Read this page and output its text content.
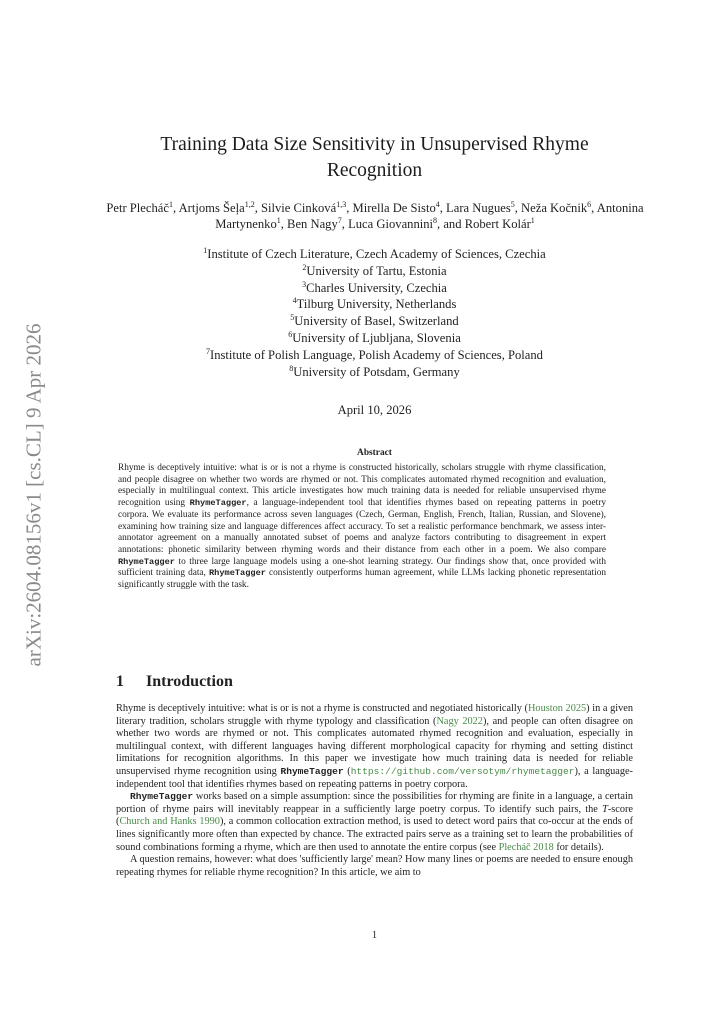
arXiv:2604.08156v1 [cs.CL] 9 Apr 2026
Training Data Size Sensitivity in Unsupervised Rhyme Recognition
Petr Plecháč$^1$, Artjoms Šeļa$^{1,2}$, Silvie Cinková$^{1,3}$, Mirella De Sisto$^4$, Lara Nugues$^5$, Neža Kočnik$^6$, Antonina Martynenko$^1$, Ben Nagy$^7$, Luca Giovannini$^8$, and Robert Kolár$^1$
$^1$Institute of Czech Literature, Czech Academy of Sciences, Czechia
$^2$University of Tartu, Estonia
$^3$Charles University, Czechia
$^4$Tilburg University, Netherlands
$^5$University of Basel, Switzerland
$^6$University of Ljubljana, Slovenia
$^7$Institute of Polish Language, Polish Academy of Sciences, Poland
$^8$University of Potsdam, Germany
April 10, 2026
Abstract
Rhyme is deceptively intuitive: what is or is not a rhyme is constructed historically, scholars struggle with rhyme classification, and people disagree on whether two words are rhymed or not. This complicates automated rhymed recognition and evaluation, especially in multilingual context. This article investigates how much training data is needed for reliable unsupervised rhyme recognition using RhymeTagger, a language-independent tool that identifies rhymes based on repeating patterns in poetry corpora. We evaluate its performance across seven languages (Czech, German, English, French, Italian, Russian, and Slovene), examining how training size and language differences affect accuracy. To set a realistic performance benchmark, we assess inter-annotator agreement on a manually annotated subset of poems and analyze factors contributing to disagreement in expert annotations: phonetic similarity between rhyming words and their distance from each other in a poem. We also compare RhymeTagger to three large language models using a one-shot learning strategy. Our findings show that, once provided with sufficient training data, RhymeTagger consistently outperforms human agreement, while LLMs lacking phonetic representation significantly struggle with the task.
1 Introduction

Rhyme is deceptively intuitive: what is or is not a rhyme is constructed and negotiated historically (Houston 2025) in a given literary tradition, scholars struggle with rhyme typology and classification (Nagy 2022), and people can often disagree on whether two words are rhymed or not. This complicates automated rhymed recognition and evaluation, especially in multilingual context, with different languages having different morphological capacity for rhyming and setting distinct limitations for recognition algorithms. In this paper we investigate how much training data is needed for reliable unsupervised rhyme recognition using RhymeTagger (https://github.com/versotym/rhymetagger), a language-independent tool that identifies rhymes based on repeating patterns in poetry corpora.

RhymeTagger works based on a simple assumption: since the possibilities for rhyming are finite in a language, a certain portion of rhyme pairs will inevitably reappear in a sufficiently large poetry corpus. To identify such pairs, the T-score (Church and Hanks 1990), a common collocation extraction method, is used to detect word pairs that co-occur at the ends of lines significantly more often than expected by chance. The extracted pairs serve as a training set to learn the probabilities of sound combinations forming a rhyme, which are then used to annotate the entire corpus (see Plecháč 2018 for details).

A question remains, however: what does 'sufficiently large' mean? How many lines or poems are needed to ensure enough repeating rhymes for reliable rhyme recognition? In this article, we aim to

1
